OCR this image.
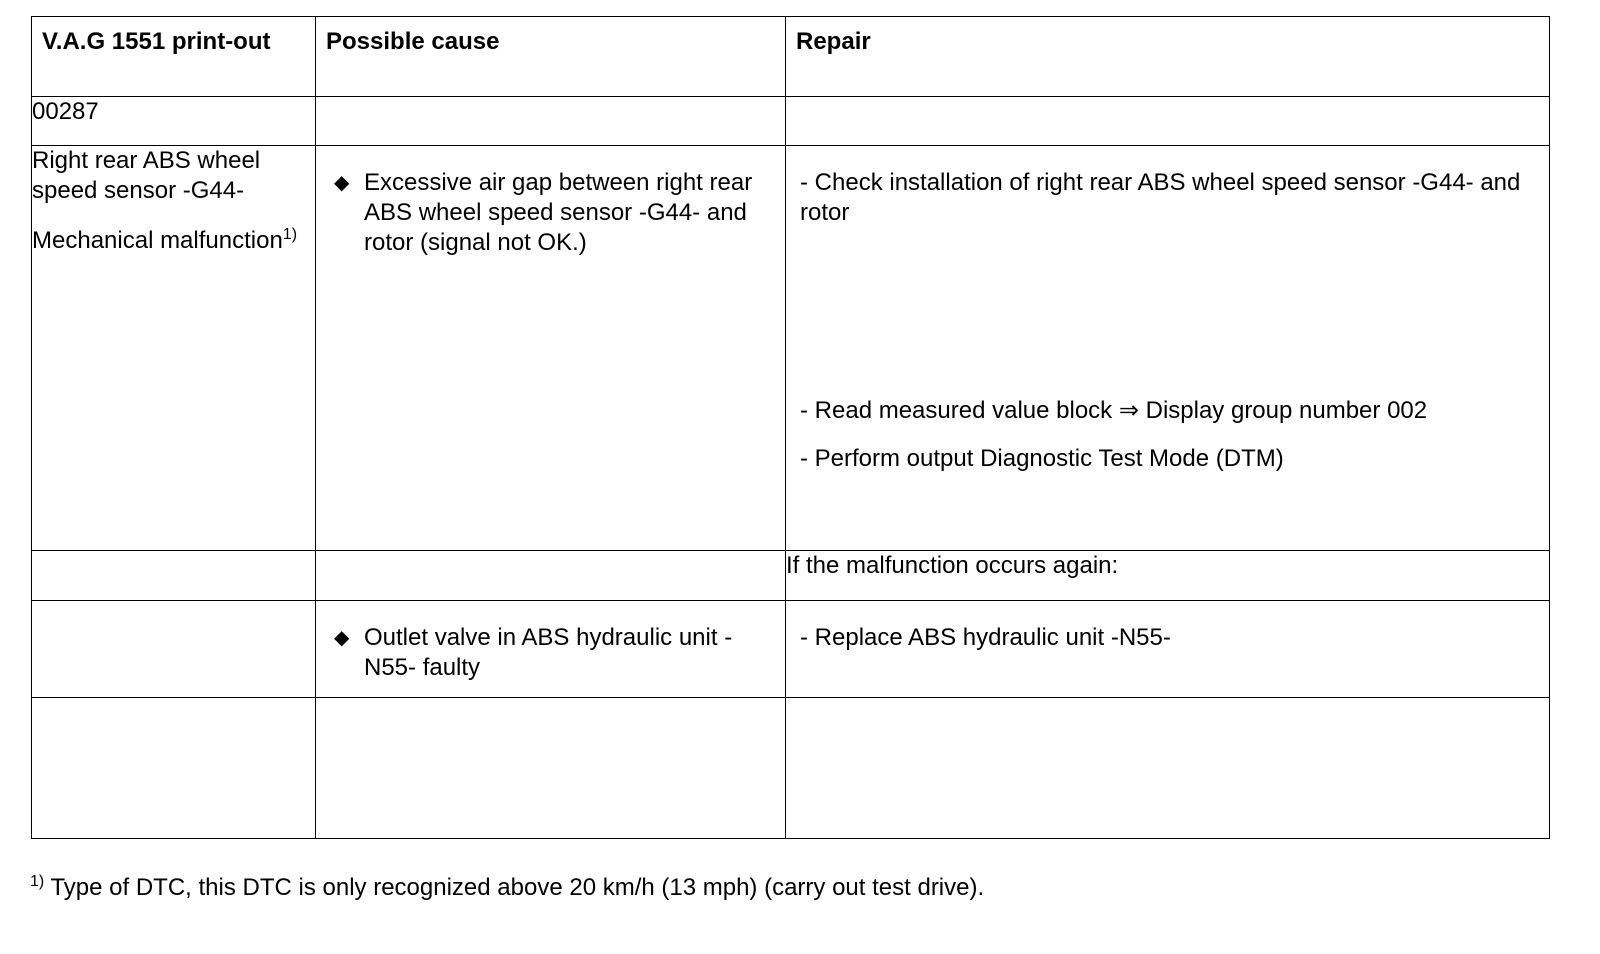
V.A.G 1551 print-out	Possible cause	Repair
00287		

Right rear ABS wheel speed sensor -G44-
Mechanical malfunction$^{1)}$	◆ Excessive air gap between right rear ABS wheel speed sensor -G44- and rotor (signal not OK.)	- Check installation of right rear ABS wheel speed sensor -G44- and rotor
- Read measured value block ⇒ Display group number 002
- Perform output Diagnostic Test Mode (DTM)

		If the malfunction occurs again:

	◆ Outlet valve in ABS hydraulic unit -N55- faulty	- Replace ABS hydraulic unit -N55-

$^{1)}$ Type of DTC, this DTC is only recognized above 20 km/h (13 mph) (carry out test drive).
